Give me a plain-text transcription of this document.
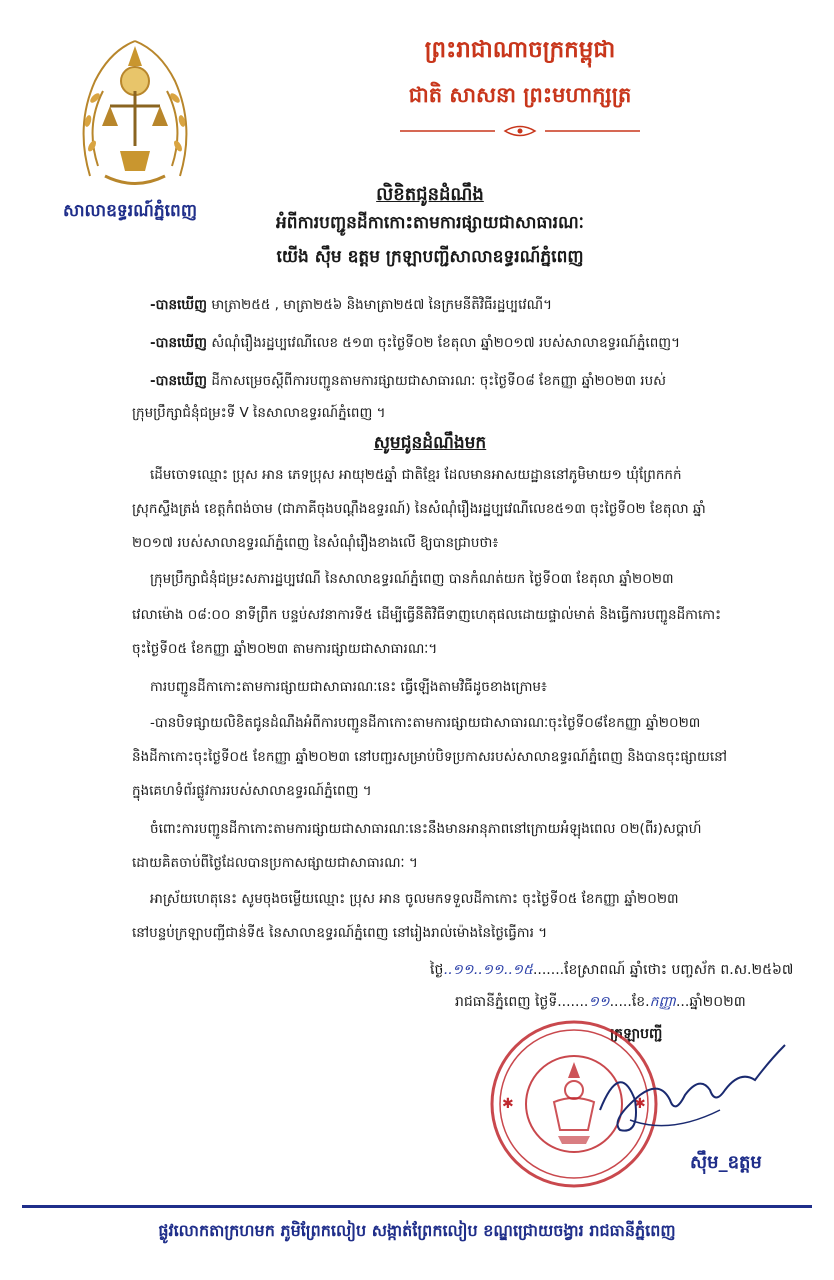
សាលាឧទ្ធរណ៍ភ្នំពេញ
ព្រះរាជាណាចក្រកម្ពុជា
ជាតិ សាសនា ព្រះមហាក្សត្រ
លិខិតជូនដំណឹង
អំពីការបញ្ជូនដីកាកោះតាមការផ្សាយជាសាធារណៈ
យើង ស៊ឹម ឧត្តម ក្រឡាបញ្ជីសាលាឧទ្ធរណ៍ភ្នំពេញ
-បានឃើញ មាត្រា២៥៥ , មាត្រា២៥៦ និងមាត្រា២៥៧ នៃក្រមនីតិវិធីរដ្ឋប្បវេណី។
-បានឃើញ សំណុំរឿងរដ្ឋប្បវេណីលេខ ៥១៣ ចុះថ្ងៃទី០២ ខែតុលា ឆ្នាំ២០១៧ របស់សាលាឧទ្ធរណ៍ភ្នំពេញ។
-បានឃើញ ដីកាសម្រេចស្តីពីការបញ្ជូនតាមការផ្សាយជាសាធារណៈ ចុះថ្ងៃទី០៨ ខែកញ្ញា ឆ្នាំ២០២៣ របស់
ក្រុមប្រឹក្សាជំនុំជម្រះទី V នៃសាលាឧទ្ធរណ៍ភ្នំពេញ ។
សូមជូនដំណឹងមក
ដើមចោទឈ្មោះ ប្រុស អាន ភេទប្រុស អាយុ២៥ឆ្នាំ ជាតិខ្មែរ ដែលមានអាសយដ្ឋាននៅភូមិមាយ១ ឃុំព្រែកកក់
ស្រុកស្ទឹងត្រង់ ខេត្តកំពង់ចាម (ជាភាគីចុងបណ្តឹងឧទ្ធរណ៍) នៃសំណុំរឿងរដ្ឋប្បវេណីលេខ៥១៣ ចុះថ្ងៃទី០២ ខែតុលា ឆ្នាំ
២០១៧ របស់សាលាឧទ្ធរណ៍ភ្នំពេញ នៃសំណុំរឿងខាងលើ ឱ្យបានជ្រាបថា៖
ក្រុមប្រឹក្សាជំនុំជម្រះសភារដ្ឋប្បវេណី នៃសាលាឧទ្ធរណ៍ភ្នំពេញ បានកំណត់យក ថ្ងៃទី០៣ ខែតុលា ឆ្នាំ២០២៣
វេលាម៉ោង ០៨:០០ នាទីព្រឹក បន្ទប់សវនាការទី៥ ដើម្បីធ្វើនីតិវិធីទាញហេតុផលដោយផ្ទាល់មាត់ និងធ្វើការបញ្ជូនដីកាកោះ
ចុះថ្ងៃទី០៥ ខែកញ្ញា ឆ្នាំ២០២៣ តាមការផ្សាយជាសាធារណៈ។
ការបញ្ជូនដីកាកោះតាមការផ្សាយជាសាធារណៈនេះ ធ្វើឡើងតាមវិធីដូចខាងក្រោម៖
-បានបិទផ្សាយលិខិតជូនដំណឹងអំពីការបញ្ជូនដីកាកោះតាមការផ្សាយជាសាធារណៈចុះថ្ងៃទី០៨ខែកញ្ញា ឆ្នាំ២០២៣
និងដីកាកោះចុះថ្ងៃទី០៥ ខែកញ្ញា ឆ្នាំ២០២៣ នៅបញ្ជរសម្រាប់បិទប្រកាសរបស់សាលាឧទ្ធរណ៍ភ្នំពេញ និងបានចុះផ្សាយនៅ
ក្នុងគេហទំព័រផ្លូវការរបស់សាលាឧទ្ធរណ៍ភ្នំពេញ ។
ចំពោះការបញ្ជូនដីកាកោះតាមការផ្សាយជាសាធារណៈនេះនឹងមានអានុភាពនៅក្រោយអំឡុងពេល ០២(ពីរ)សប្តាហ៍
ដោយគិតចាប់ពីថ្ងៃដែលបានប្រកាសផ្សាយជាសាធារណៈ ។
អាស្រ័យហេតុនេះ សូមចុងចម្លើយឈ្មោះ ប្រុស អាន ចូលមកទទួលដីកាកោះ ចុះថ្ងៃទី០៥ ខែកញ្ញា ឆ្នាំ២០២៣
នៅបន្ទប់ក្រឡាបញ្ជីជាន់ទី៥ នៃសាលាឧទ្ធរណ៍ភ្នំពេញ នៅរៀងរាល់ម៉ោងនៃថ្ងៃធ្វើការ ។
ថ្ងៃ..១១..១១..១៥.......ខែស្រាពណ៍ ឆ្នាំថោះ បញ្ចស័ក ព.ស.២៥៦៧
រាជធានីភ្នំពេញ ថ្ងៃទី.......១១.....ខែ.កញ្ញា...ឆ្នាំ២០២៣
ក្រឡាបញ្ជី
✱	✱
ស៊ឹម_ឧត្តម
ផ្លូវលោកតាក្រហមក ភូមិព្រែកលៀប សង្កាត់ព្រែកលៀប ខណ្ឌជ្រោយចង្វារ រាជធានីភ្នំពេញ
